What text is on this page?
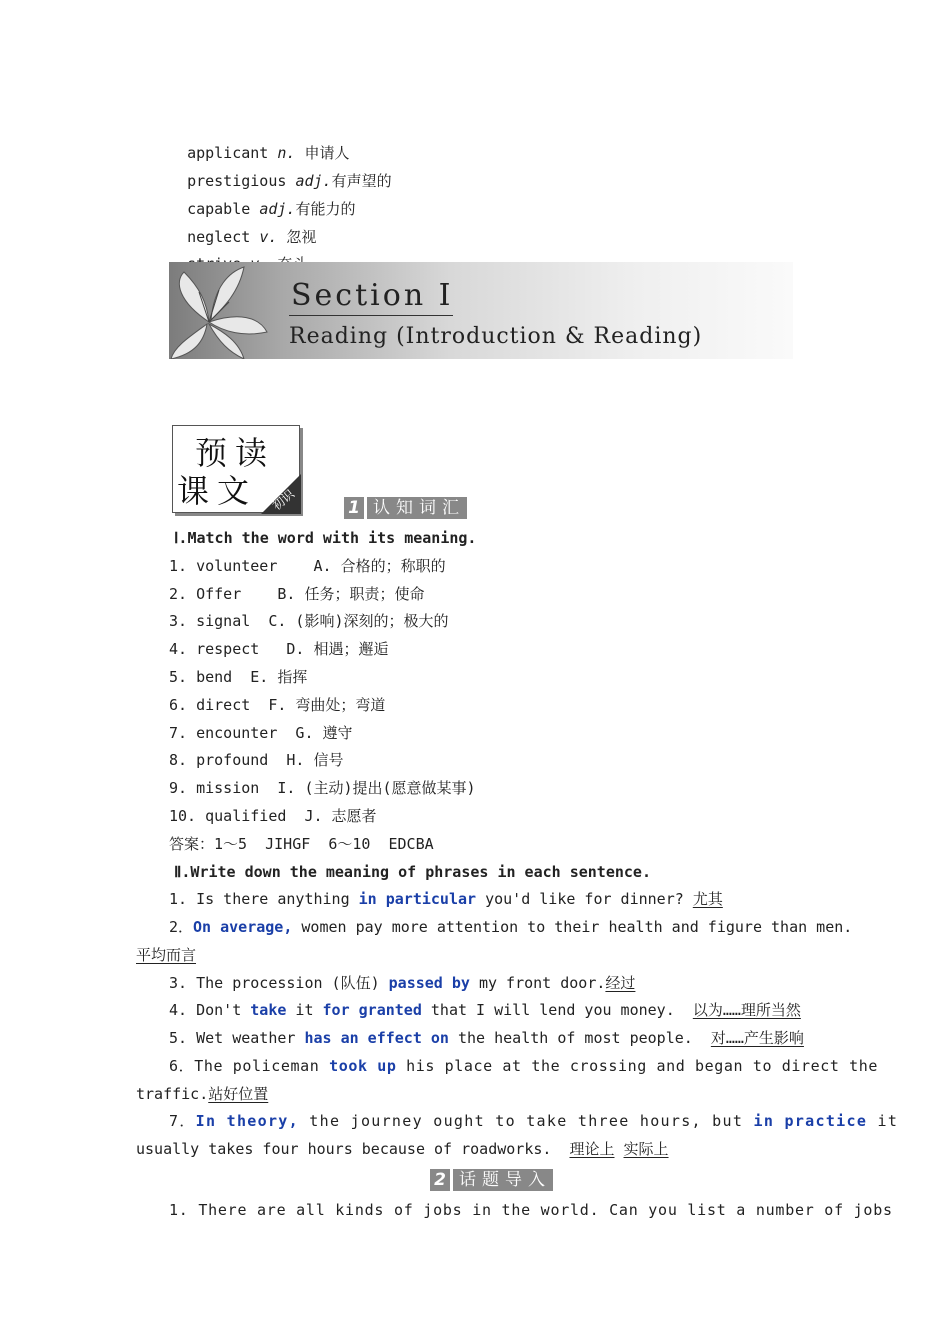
applicant n. 申请人

prestigious adj.有声望的

capable adj.有能力的

neglect v. 忽视

Section Ⅰ
Reading (Introduction & Reading)
预读
课文 初识	1 认知词汇
Ⅰ.Match the word with its meaning.
1. volunteer    A. 合格的；称职的
2. Offer    B. 任务；职责；使命
3. signal  C. (影响)深刻的；极大的
4. respect   D. 相遇；邂逅
5. bend  E. 指挥
6. direct  F. 弯曲处；弯道
7. encounter  G. 遵守
8. profound  H. 信号
9. mission  I. (主动)提出(愿意做某事)
10. qualified  J. 志愿者
答案：1～5  JIHGF  6～10  EDCBA
Ⅱ.Write down the meaning of phrases in each sentence.
1. Is there anything in particular you'd like for dinner? 尤其
2．On average, women pay more attention to their health and figure than men.
平均而言
3. The procession (队伍) passed by my front door.经过
4. Don't take it for granted that I will lend you money.  以为……理所当然
5. Wet weather has an effect on the health of most people.  对……产生影响
6．The policeman took up his place at the crossing and began to direct the
traffic.站好位置
7．In theory, the journey ought to take three hours, but in practice it
usually takes four hours because of roadworks.  理论上 实际上
2 话题导入
1. There are all kinds of jobs in the world. Can you list a number of jobs
